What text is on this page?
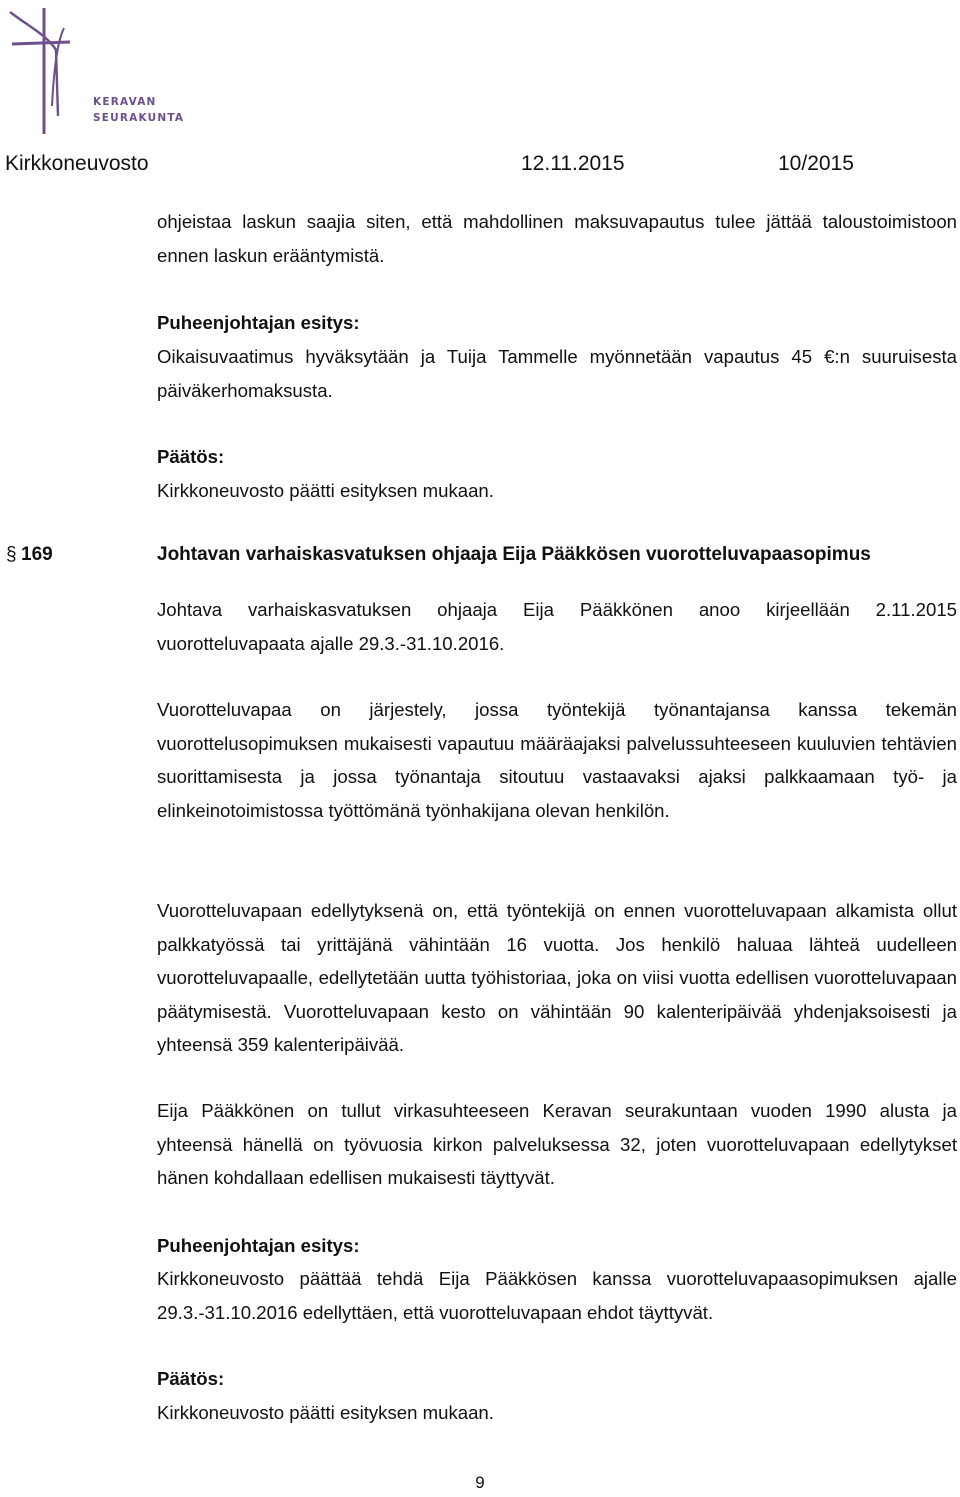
KERAVAN
SEURAKUNTA
Kirkkoneuvosto	12.11.2015	10/2015
ohjeistaa laskun saajia siten, että mahdollinen maksuvapautus tulee jättää taloustoimistoon ennen laskun erääntymistä.
Puheenjohtajan esitys:
Oikaisuvaatimus hyväksytään ja Tuija Tammelle myönnetään vapautus 45 €:n suuruisesta päiväkerhomaksusta.
Päätös:
Kirkkoneuvosto päätti esityksen mukaan.
§ 169	Johtavan varhaiskasvatuksen ohjaaja Eija Pääkkösen vuorotteluvapaasopimus
Johtava varhaiskasvatuksen ohjaaja Eija Pääkkönen anoo kirjeellään 2.11.2015 vuorotteluvapaata ajalle 29.3.-31.10.2016.
Vuorotteluvapaa on järjestely, jossa työntekijä työnantajansa kanssa tekemän vuorottelusopimuksen mukaisesti vapautuu määräajaksi palvelussuhteeseen kuuluvien tehtävien suorittamisesta ja jossa työnantaja sitoutuu vastaavaksi ajaksi palkkaamaan työ- ja elinkeinotoimistossa työttömänä työnhakijana olevan henkilön.
Vuorotteluvapaan edellytyksenä on, että työntekijä on ennen vuorotteluvapaan alkamista ollut palkkatyössä tai yrittäjänä vähintään 16 vuotta. Jos henkilö haluaa lähteä uudelleen vuorotteluvapaalle, edellytetään uutta työhistoriaa, joka on viisi vuotta edellisen vuorotteluvapaan päätymisestä. Vuorotteluvapaan kesto on vähintään 90 kalenteripäivää yhdenjaksoisesti ja yhteensä 359 kalenteripäivää.
Eija Pääkkönen on tullut virkasuhteeseen Keravan seurakuntaan vuoden 1990 alusta ja yhteensä hänellä on työvuosia kirkon palveluksessa 32, joten vuorotteluvapaan edellytykset hänen kohdallaan edellisen mukaisesti täyttyvät.
Puheenjohtajan esitys:
Kirkkoneuvosto päättää tehdä Eija Pääkkösen kanssa vuorotteluvapaasopimuksen ajalle 29.3.-31.10.2016 edellyttäen, että vuorotteluvapaan ehdot täyttyvät.
Päätös:
Kirkkoneuvosto päätti esityksen mukaan.
9
